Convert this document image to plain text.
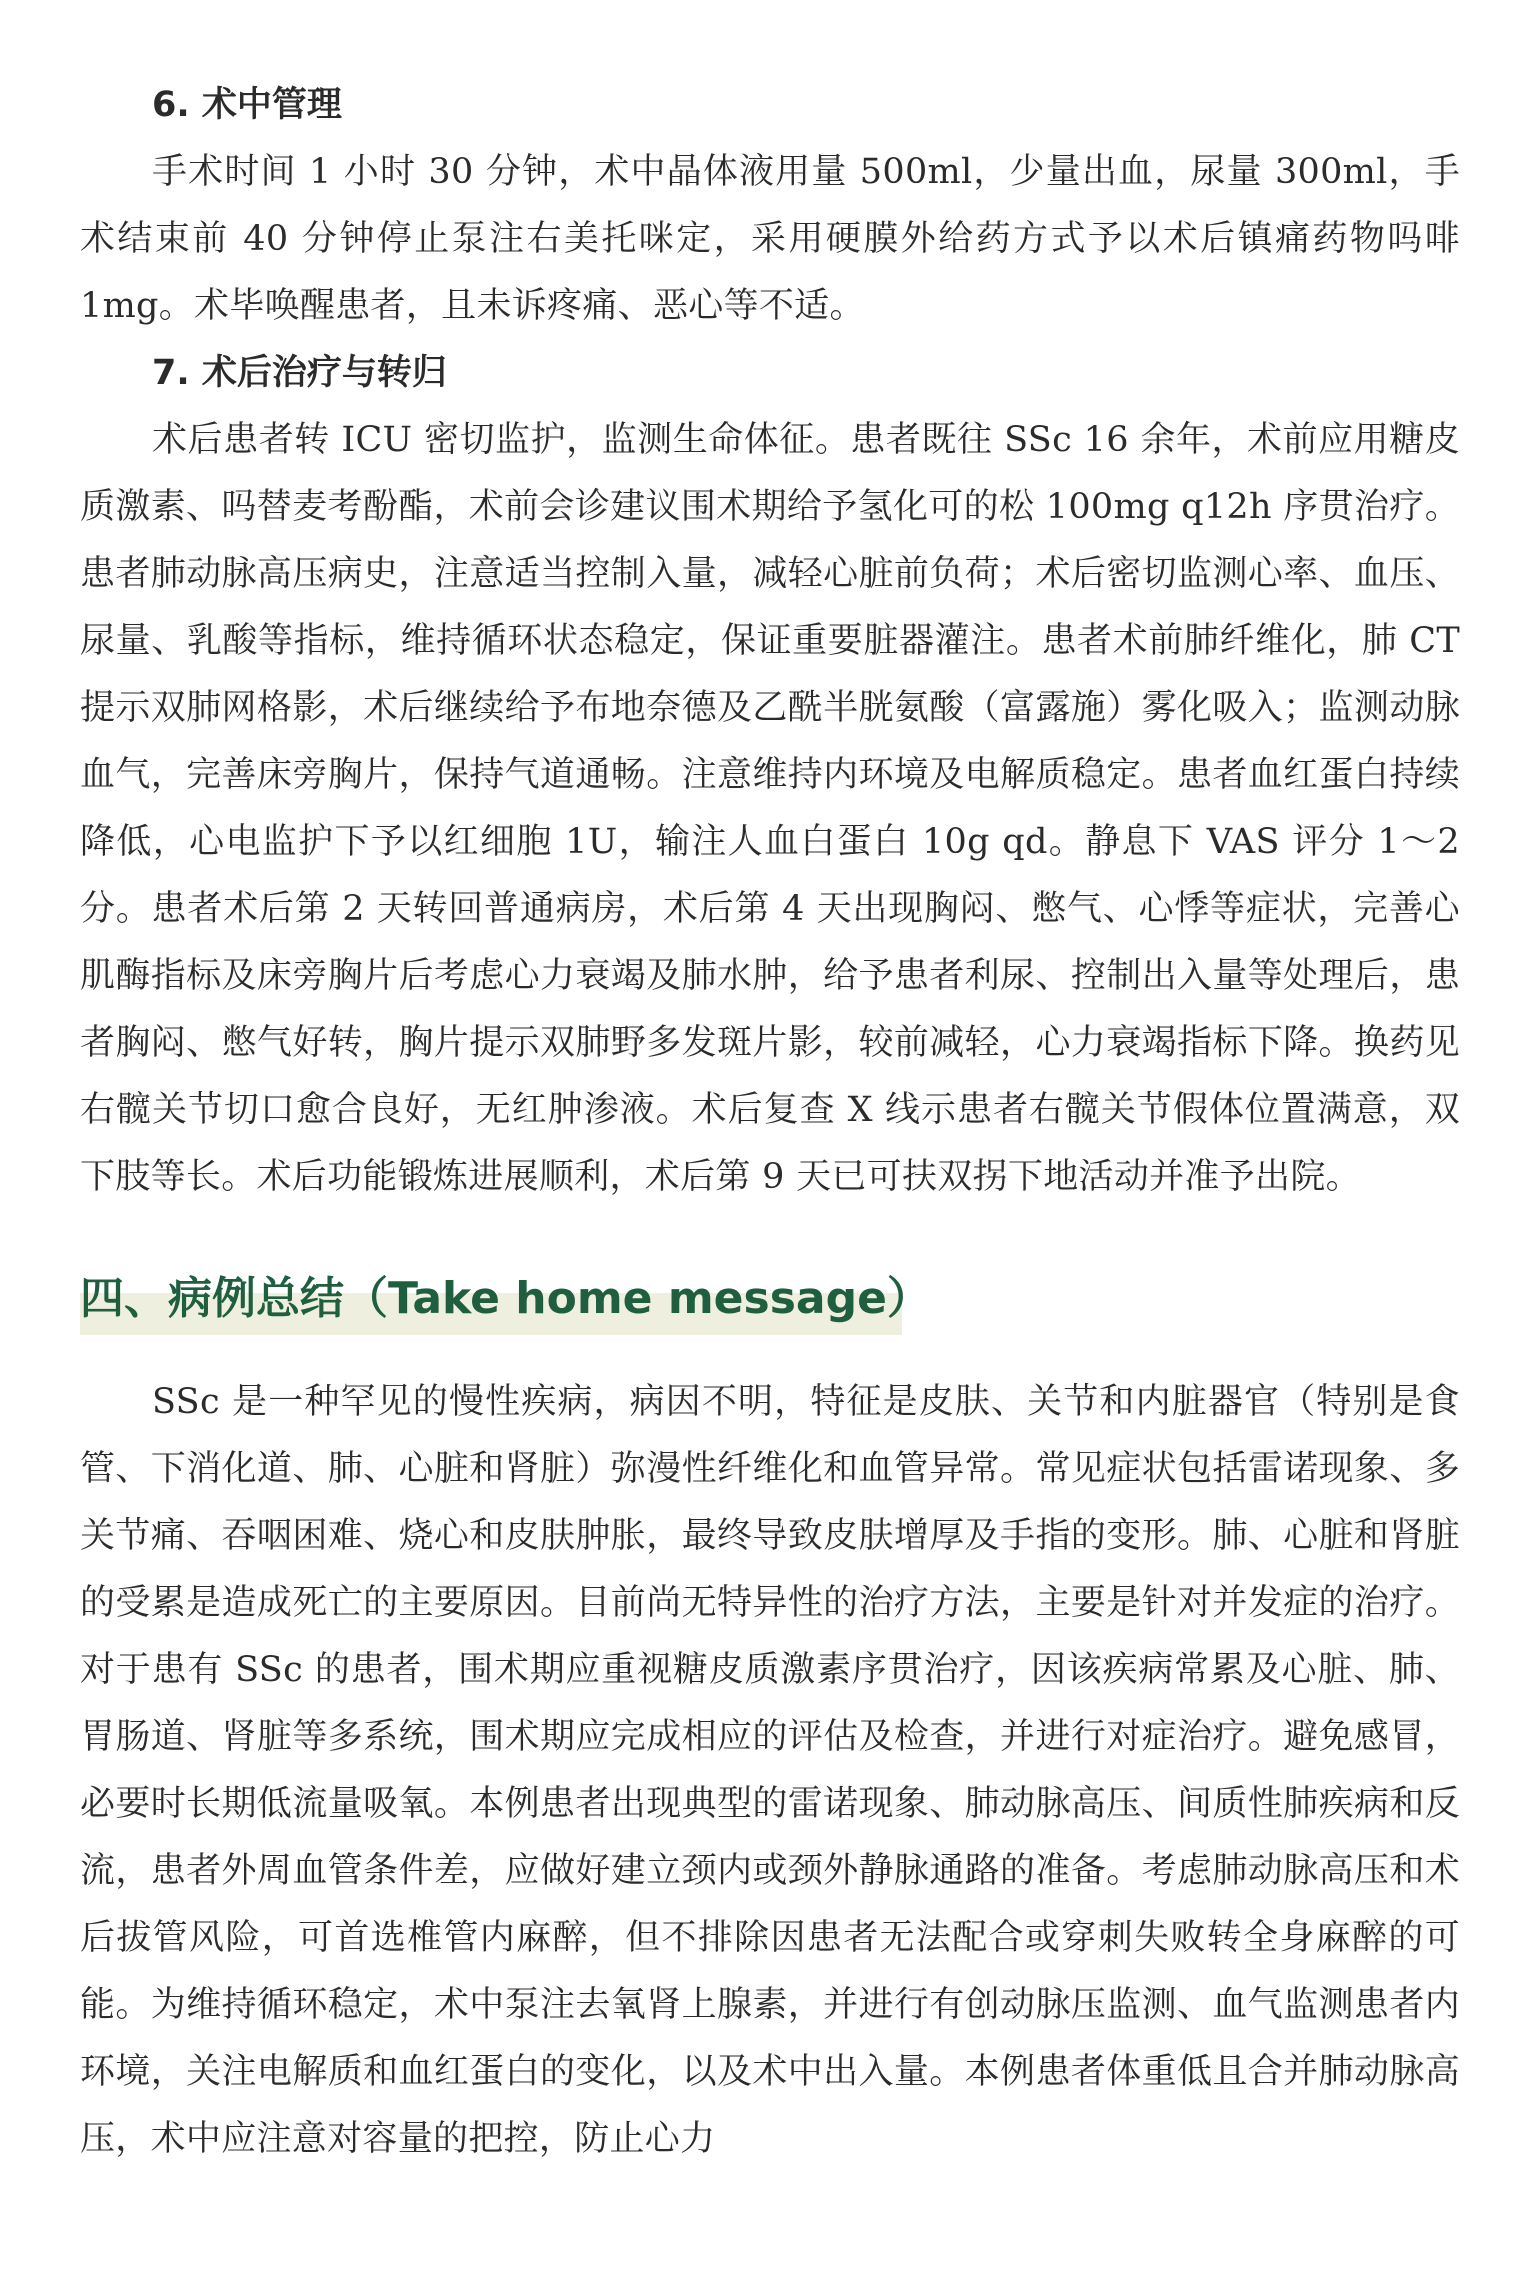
6. 术中管理

手术时间 1 小时 30 分钟，术中晶体液用量 500ml，少量出血，尿量 300ml，手术结束前 40 分钟停止泵注右美托咪定，采用硬膜外给药方式予以术后镇痛药物吗啡 1mg。术毕唤醒患者，且未诉疼痛、恶心等不适。

7. 术后治疗与转归

术后患者转 ICU 密切监护，监测生命体征。患者既往 SSc 16 余年，术前应用糖皮质激素、吗替麦考酚酯，术前会诊建议围术期给予氢化可的松 100mg q12h 序贯治疗。患者肺动脉高压病史，注意适当控制入量，减轻心脏前负荷；术后密切监测心率、血压、尿量、乳酸等指标，维持循环状态稳定，保证重要脏器灌注。患者术前肺纤维化，肺 CT 提示双肺网格影，术后继续给予布地奈德及乙酰半胱氨酸（富露施）雾化吸入；监测动脉血气，完善床旁胸片，保持气道通畅。注意维持内环境及电解质稳定。患者血红蛋白持续降低，心电监护下予以红细胞 1U，输注人血白蛋白 10g qd。静息下 VAS 评分 1～2 分。患者术后第 2 天转回普通病房，术后第 4 天出现胸闷、憋气、心悸等症状，完善心肌酶指标及床旁胸片后考虑心力衰竭及肺水肿，给予患者利尿、控制出入量等处理后，患者胸闷、憋气好转，胸片提示双肺野多发斑片影，较前减轻，心力衰竭指标下降。换药见右髋关节切口愈合良好，无红肿渗液。术后复查 X 线示患者右髋关节假体位置满意，双下肢等长。术后功能锻炼进展顺利，术后第 9 天已可扶双拐下地活动并准予出院。

四、病例总结（Take home message）

SSc 是一种罕见的慢性疾病，病因不明，特征是皮肤、关节和内脏器官（特别是食管、下消化道、肺、心脏和肾脏）弥漫性纤维化和血管异常。常见症状包括雷诺现象、多关节痛、吞咽困难、烧心和皮肤肿胀，最终导致皮肤增厚及手指的变形。肺、心脏和肾脏的受累是造成死亡的主要原因。目前尚无特异性的治疗方法，主要是针对并发症的治疗。对于患有 SSc 的患者，围术期应重视糖皮质激素序贯治疗，因该疾病常累及心脏、肺、胃肠道、肾脏等多系统，围术期应完成相应的评估及检查，并进行对症治疗。避免感冒，必要时长期低流量吸氧。本例患者出现典型的雷诺现象、肺动脉高压、间质性肺疾病和反流，患者外周血管条件差，应做好建立颈内或颈外静脉通路的准备。考虑肺动脉高压和术后拔管风险，可首选椎管内麻醉，但不排除因患者无法配合或穿刺失败转全身麻醉的可能。为维持循环稳定，术中泵注去氧肾上腺素，并进行有创动脉压监测、血气监测患者内环境，关注电解质和血红蛋白的变化，以及术中出入量。本例患者体重低且合并肺动脉高压，术中应注意对容量的把控，防止心力
